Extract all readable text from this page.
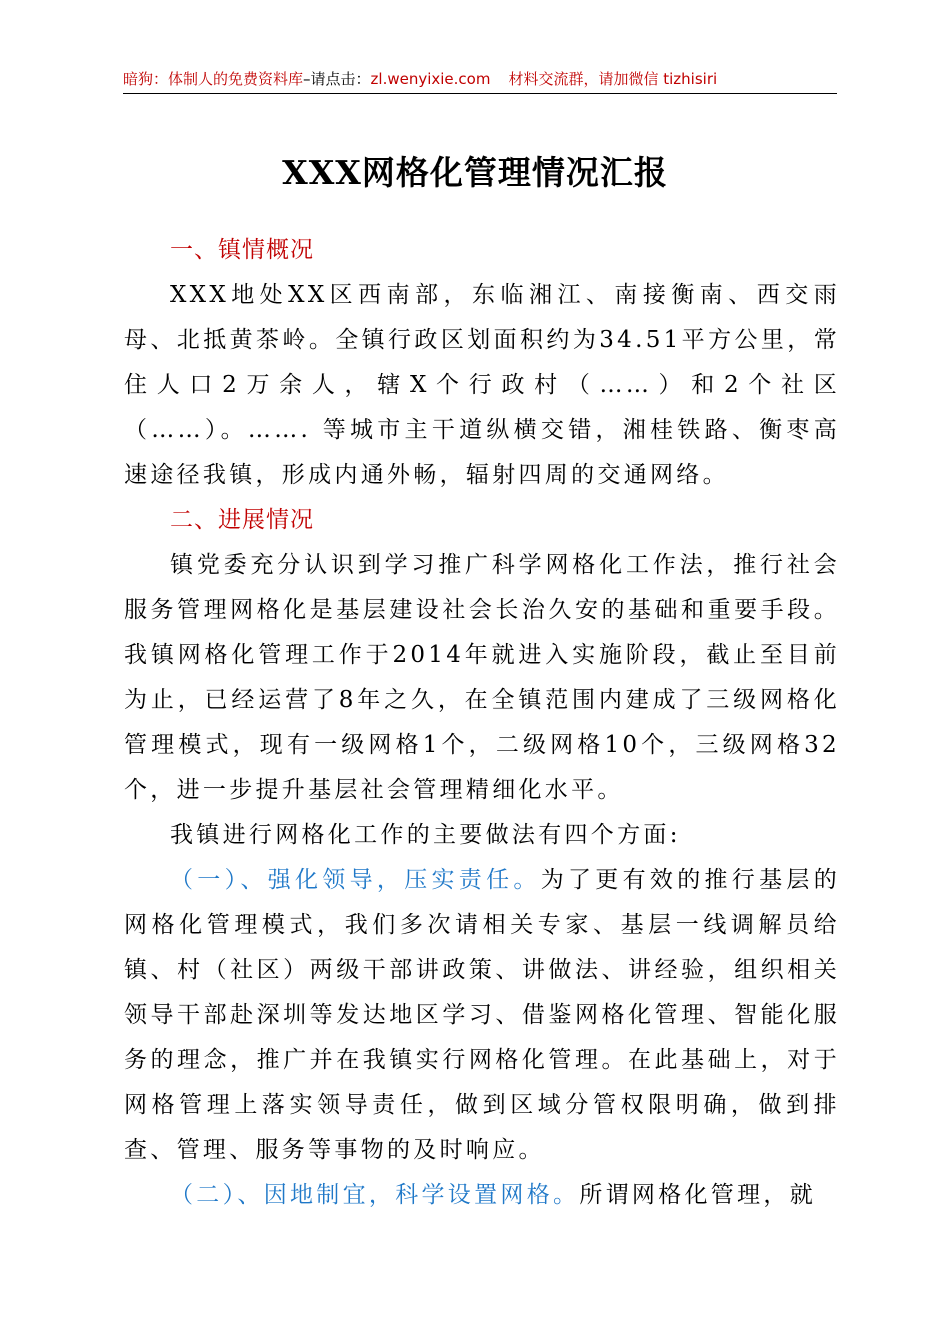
暗狗：体制人的免费资料库–请点击：zl.wenyixie.com 材料交流群，请加微信 tizhisiri
XXX网格化管理情况汇报

一、镇情概况

XXX地处XX区西南部，东临湘江、南接衡南、西交雨母、北抵黄茶岭。全镇行政区划面积约为34.51平方公里，常住人口2万余人，辖X个行政村（……）和2个社区（……）。……. 等城市主干道纵横交错，湘桂铁路、衡枣高速途径我镇，形成内通外畅，辐射四周的交通网络。

二、进展情况

镇党委充分认识到学习推广科学网格化工作法，推行社会服务管理网格化是基层建设社会长治久安的基础和重要手段。我镇网格化管理工作于2014年就进入实施阶段，截止至目前为止，已经运营了8年之久，在全镇范围内建成了三级网格化管理模式，现有一级网格1个，二级网格10个，三级网格32个，进一步提升基层社会管理精细化水平。

我镇进行网格化工作的主要做法有四个方面:

（一）、强化领导，压实责任。为了更有效的推行基层的网格化管理模式，我们多次请相关专家、基层一线调解员给镇、村（社区）两级干部讲政策、讲做法、讲经验，组织相关领导干部赴深圳等发达地区学习、借鉴网格化管理、智能化服务的理念，推广并在我镇实行网格化管理。在此基础上，对于网格管理上落实领导责任，做到区域分管权限明确，做到排查、管理、服务等事物的及时响应。

（二）、因地制宜，科学设置网格。所谓网格化管理，就
